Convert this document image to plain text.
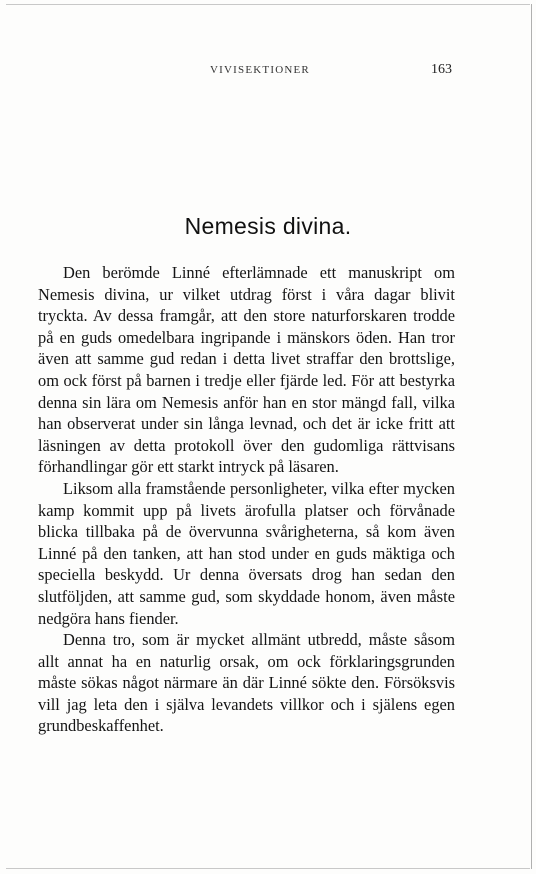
VIVISEKTIONER	163
Nemesis divina.

Den berömde Linné efterlämnade ett manuskript om Nemesis divina, ur vilket utdrag först i våra dagar blivit tryckta. Av dessa framgår, att den store naturforskaren trodde på en guds omedelbara ingripande i mänskors öden. Han tror även att samme gud redan i detta livet straffar den brottslige, om ock först på barnen i tredje eller fjärde led. För att bestyrka denna sin lära om Nemesis anför han en stor mängd fall, vilka han observerat under sin långa levnad, och det är icke fritt att läsningen av detta protokoll över den gudomliga rättvisans förhandlingar gör ett starkt intryck på läsaren.

Liksom alla framstående personligheter, vilka efter mycken kamp kommit upp på livets ärofulla platser och förvånade blicka tillbaka på de övervunna svårigheterna, så kom även Linné på den tanken, att han stod under en guds mäktiga och speciella beskydd. Ur denna översats drog han sedan den slutföljden, att samme gud, som skyddade honom, även måste nedgöra hans fiender.

Denna tro, som är mycket allmänt utbredd, måste såsom allt annat ha en naturlig orsak, om ock förklaringsgrunden måste sökas något närmare än där Linné sökte den. Försöksvis vill jag leta den i själva levandets villkor och i själens egen grundbeskaffenhet.
